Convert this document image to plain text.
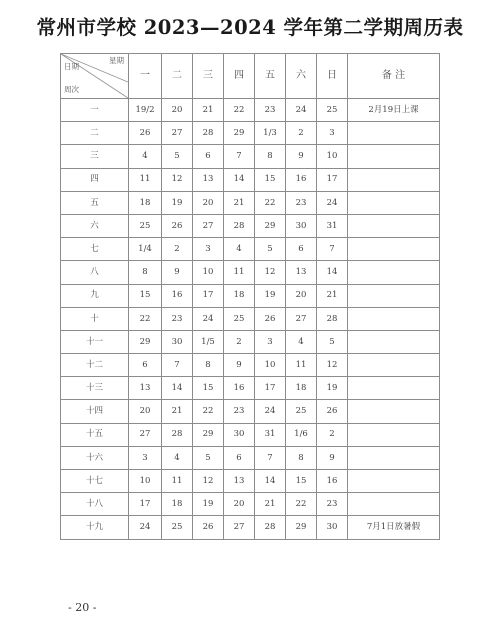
常州市学校 2023—2024 学年第二学期周历表
星期
日期
周次	一	二	三	四	五	六	日	备 注
一	19/2	20	21	22	23	24	25	2月19日上课
二	26	27	28	29	1/3	2	3	
三	4	5	6	7	8	9	10	
四	11	12	13	14	15	16	17	
五	18	19	20	21	22	23	24	
六	25	26	27	28	29	30	31	
七	1/4	2	3	4	5	6	7	
八	8	9	10	11	12	13	14	
九	15	16	17	18	19	20	21	
十	22	23	24	25	26	27	28	
十一	29	30	1/5	2	3	4	5	
十二	6	7	8	9	10	11	12	
十三	13	14	15	16	17	18	19	
十四	20	21	22	23	24	25	26	
十五	27	28	29	30	31	1/6	2	
十六	3	4	5	6	7	8	9	
十七	10	11	12	13	14	15	16	
十八	17	18	19	20	21	22	23	
十九	24	25	26	27	28	29	30	7月1日放暑假
- 20 -
